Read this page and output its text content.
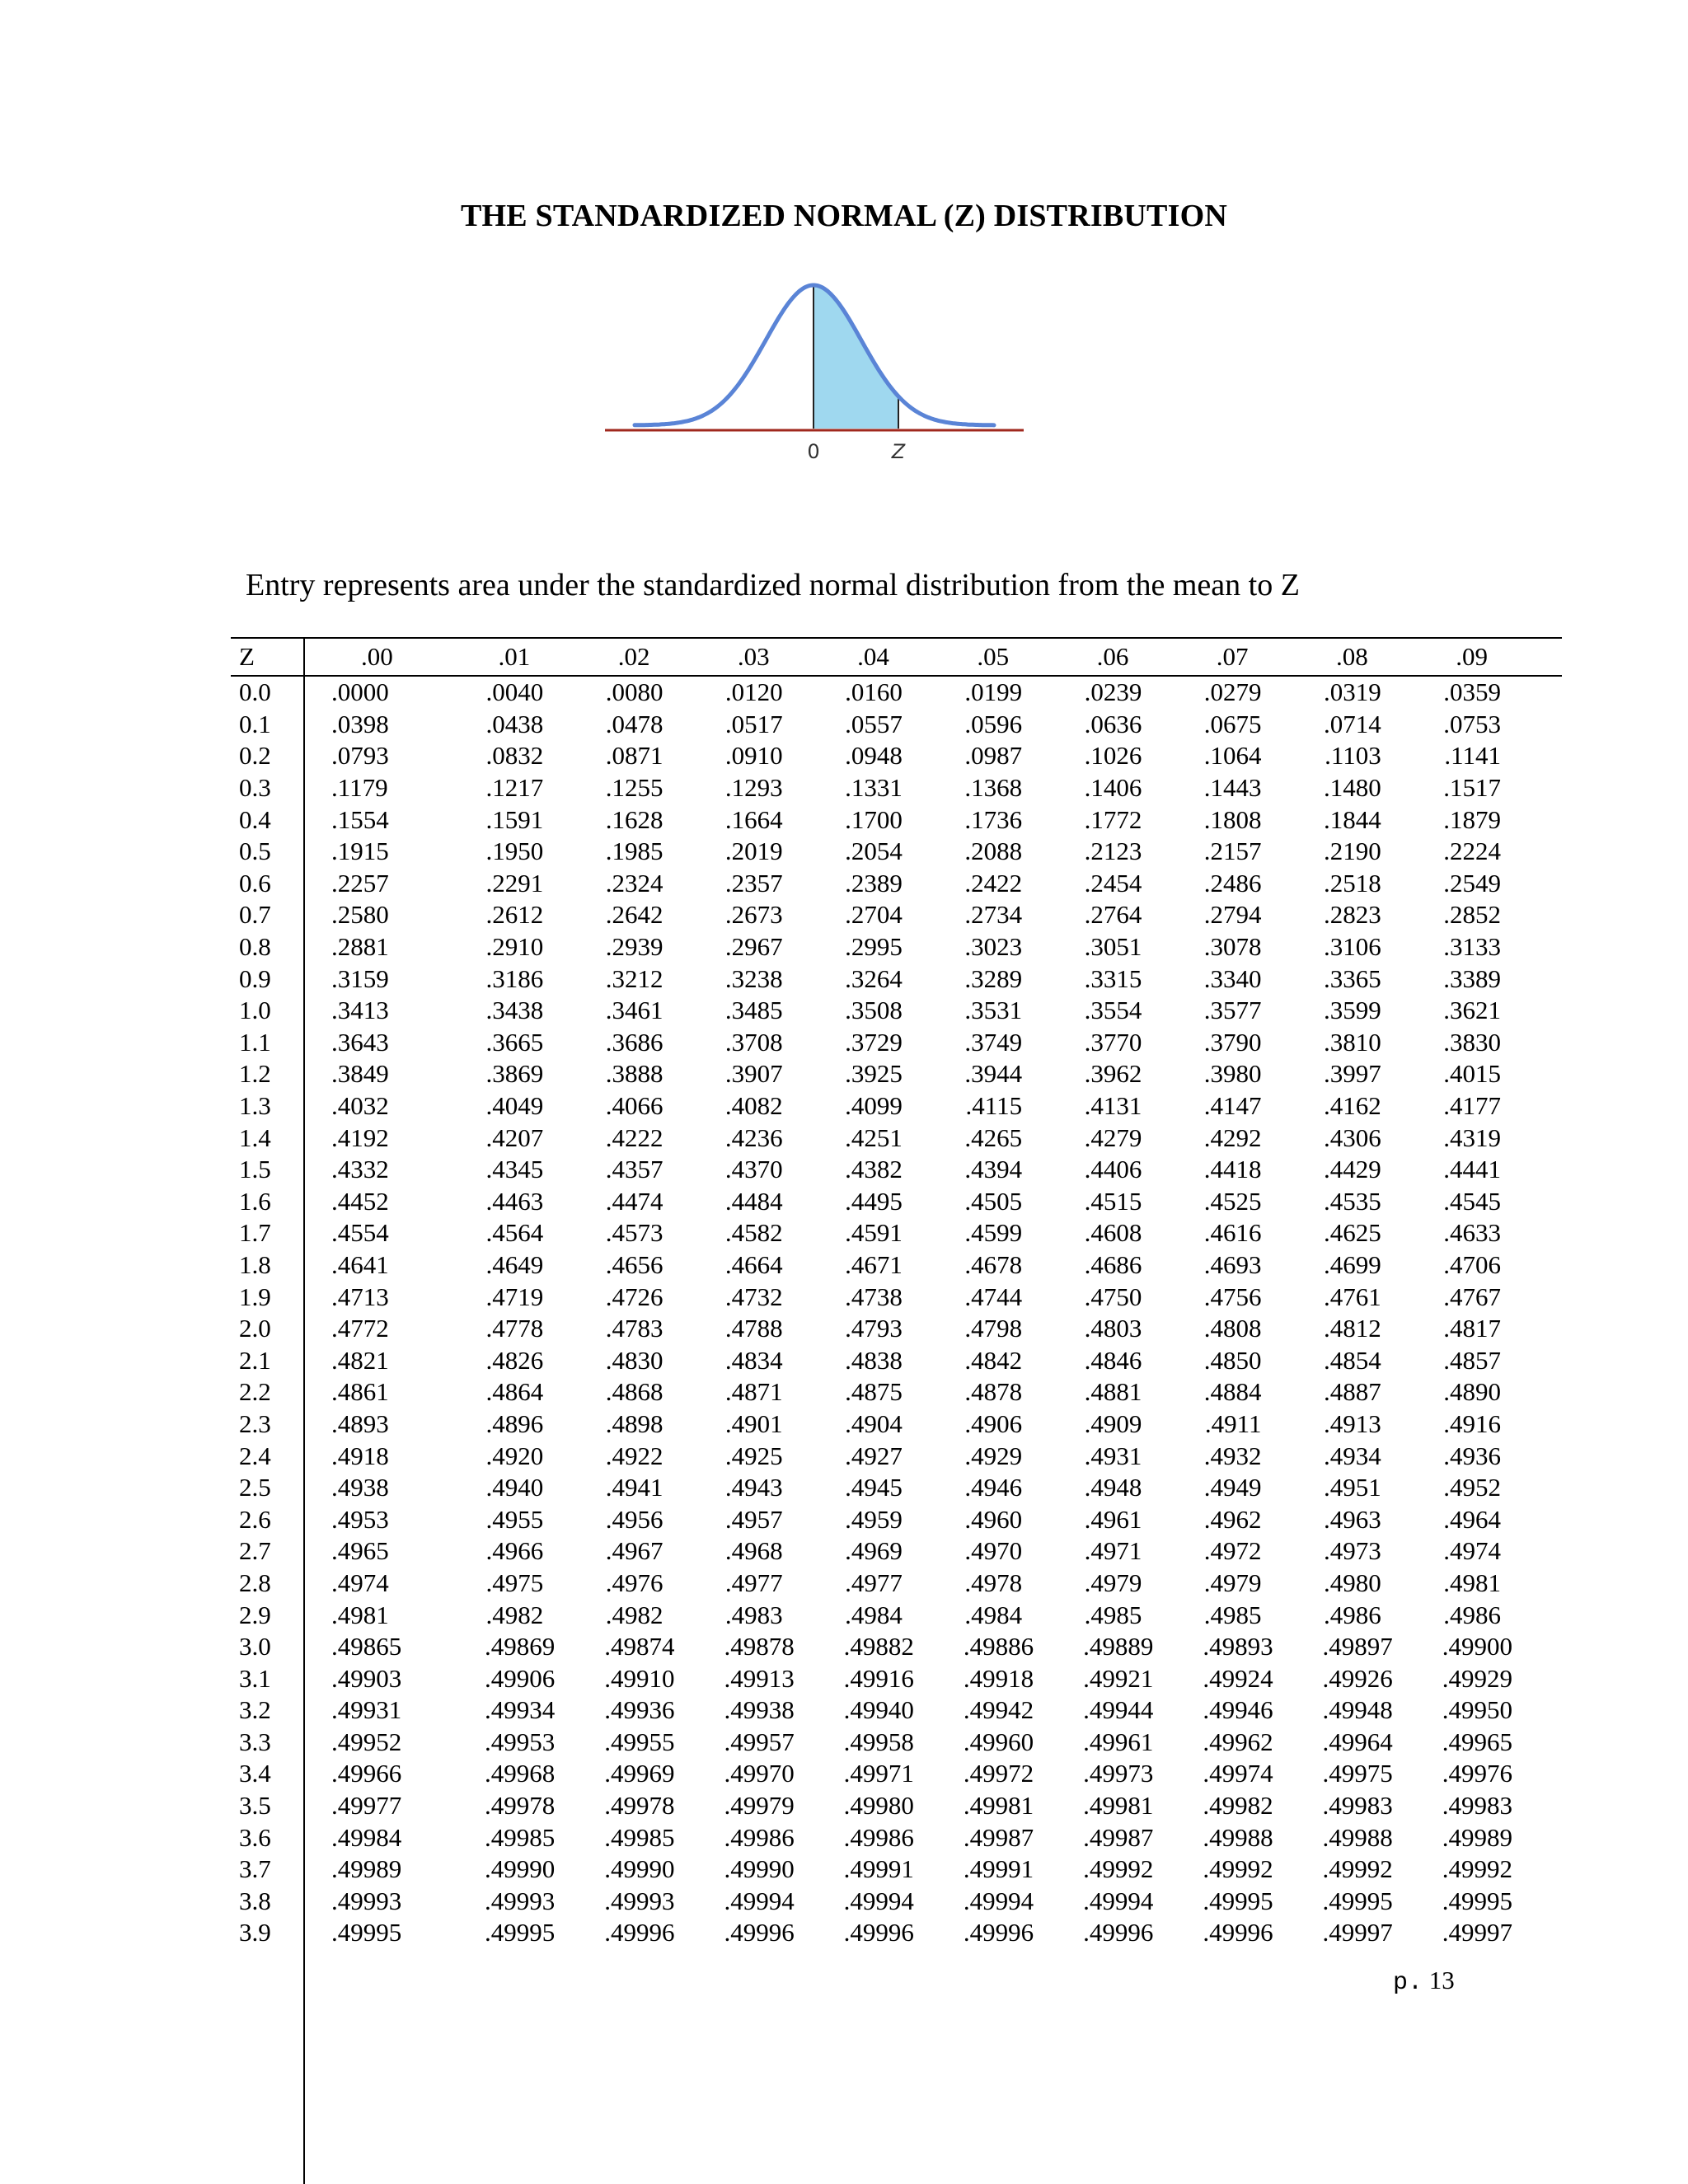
THE STANDARDIZED NORMAL (Z) DISTRIBUTION
0	Z
Entry represents area under the standardized normal distribution from the mean to Z
Z	.00	.01	.02	.03	.04	.05	.06	.07	.08	.09
0.0	.0000	.0040	.0080	.0120	.0160	.0199	.0239	.0279	.0319	.0359
0.1	.0398	.0438	.0478	.0517	.0557	.0596	.0636	.0675	.0714	.0753
0.2	.0793	.0832	.0871	.0910	.0948	.0987	.1026	.1064	.1103	.1141
0.3	.1179	.1217	.1255	.1293	.1331	.1368	.1406	.1443	.1480	.1517
0.4	.1554	.1591	.1628	.1664	.1700	.1736	.1772	.1808	.1844	.1879
0.5	.1915	.1950	.1985	.2019	.2054	.2088	.2123	.2157	.2190	.2224
0.6	.2257	.2291	.2324	.2357	.2389	.2422	.2454	.2486	.2518	.2549
0.7	.2580	.2612	.2642	.2673	.2704	.2734	.2764	.2794	.2823	.2852
0.8	.2881	.2910	.2939	.2967	.2995	.3023	.3051	.3078	.3106	.3133
0.9	.3159	.3186	.3212	.3238	.3264	.3289	.3315	.3340	.3365	.3389
1.0	.3413	.3438	.3461	.3485	.3508	.3531	.3554	.3577	.3599	.3621
1.1	.3643	.3665	.3686	.3708	.3729	.3749	.3770	.3790	.3810	.3830
1.2	.3849	.3869	.3888	.3907	.3925	.3944	.3962	.3980	.3997	.4015
1.3	.4032	.4049	.4066	.4082	.4099	.4115	.4131	.4147	.4162	.4177
1.4	.4192	.4207	.4222	.4236	.4251	.4265	.4279	.4292	.4306	.4319
1.5	.4332	.4345	.4357	.4370	.4382	.4394	.4406	.4418	.4429	.4441
1.6	.4452	.4463	.4474	.4484	.4495	.4505	.4515	.4525	.4535	.4545
1.7	.4554	.4564	.4573	.4582	.4591	.4599	.4608	.4616	.4625	.4633
1.8	.4641	.4649	.4656	.4664	.4671	.4678	.4686	.4693	.4699	.4706
1.9	.4713	.4719	.4726	.4732	.4738	.4744	.4750	.4756	.4761	.4767
2.0	.4772	.4778	.4783	.4788	.4793	.4798	.4803	.4808	.4812	.4817
2.1	.4821	.4826	.4830	.4834	.4838	.4842	.4846	.4850	.4854	.4857
2.2	.4861	.4864	.4868	.4871	.4875	.4878	.4881	.4884	.4887	.4890
2.3	.4893	.4896	.4898	.4901	.4904	.4906	.4909	.4911	.4913	.4916
2.4	.4918	.4920	.4922	.4925	.4927	.4929	.4931	.4932	.4934	.4936
2.5	.4938	.4940	.4941	.4943	.4945	.4946	.4948	.4949	.4951	.4952
2.6	.4953	.4955	.4956	.4957	.4959	.4960	.4961	.4962	.4963	.4964
2.7	.4965	.4966	.4967	.4968	.4969	.4970	.4971	.4972	.4973	.4974
2.8	.4974	.4975	.4976	.4977	.4977	.4978	.4979	.4979	.4980	.4981
2.9	.4981	.4982	.4982	.4983	.4984	.4984	.4985	.4985	.4986	.4986
3.0	.49865	.49869	.49874	.49878	.49882	.49886	.49889	.49893	.49897	.49900
3.1	.49903	.49906	.49910	.49913	.49916	.49918	.49921	.49924	.49926	.49929
3.2	.49931	.49934	.49936	.49938	.49940	.49942	.49944	.49946	.49948	.49950
3.3	.49952	.49953	.49955	.49957	.49958	.49960	.49961	.49962	.49964	.49965
3.4	.49966	.49968	.49969	.49970	.49971	.49972	.49973	.49974	.49975	.49976
3.5	.49977	.49978	.49978	.49979	.49980	.49981	.49981	.49982	.49983	.49983
3.6	.49984	.49985	.49985	.49986	.49986	.49987	.49987	.49988	.49988	.49989
3.7	.49989	.49990	.49990	.49990	.49991	.49991	.49992	.49992	.49992	.49992
3.8	.49993	.49993	.49993	.49994	.49994	.49994	.49994	.49995	.49995	.49995
3.9	.49995	.49995	.49996	.49996	.49996	.49996	.49996	.49996	.49997	.49997
p. 13
